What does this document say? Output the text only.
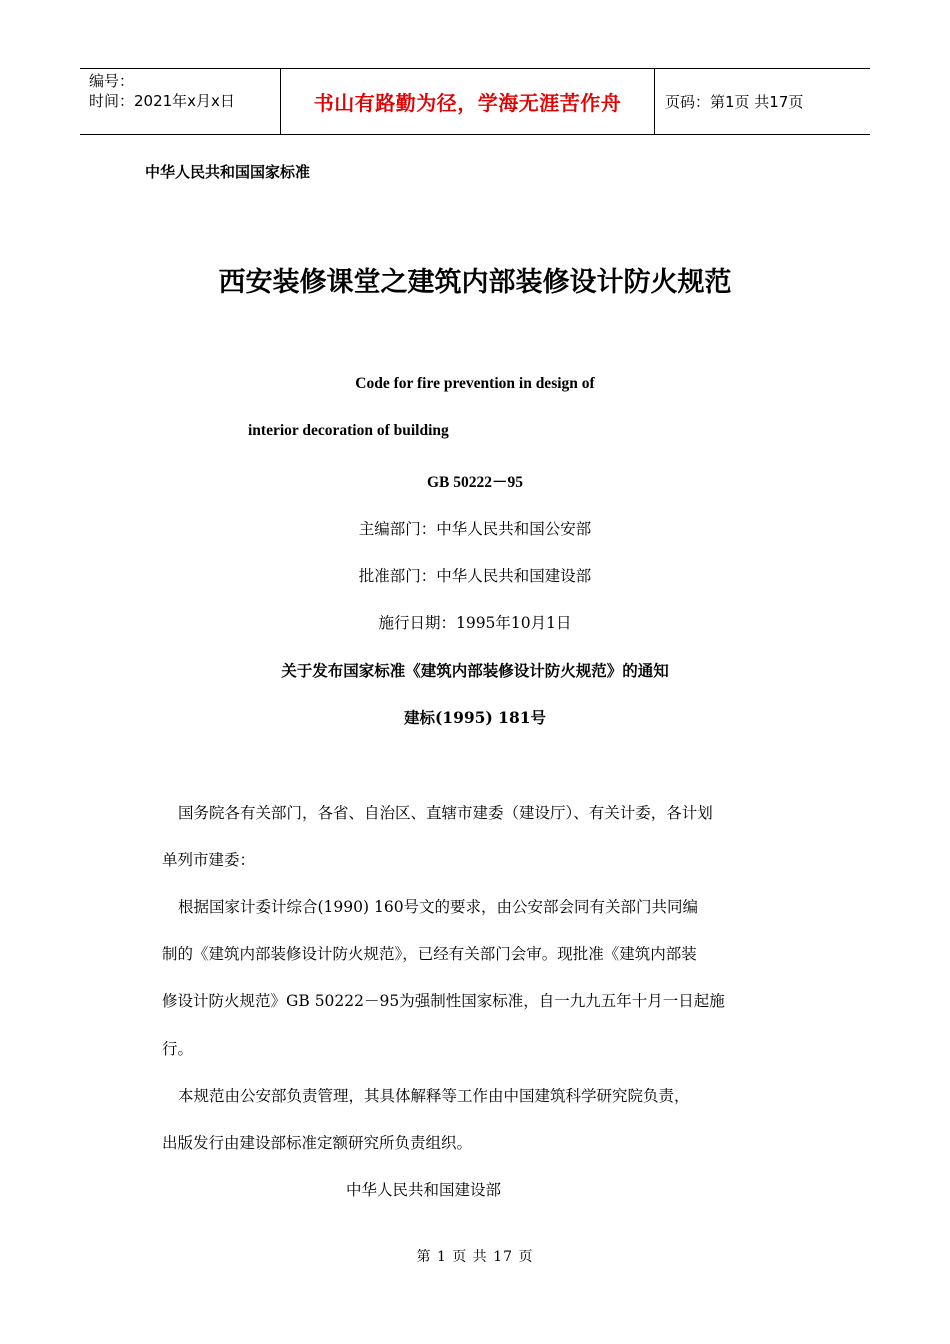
编号：
时间：2021年x月x日	书山有路勤为径，学海无涯苦作舟	页码：第1页 共17页
中华人民共和国国家标准
西安装修课堂之建筑内部装修设计防火规范
Code for fire prevention in design of
interior decoration of building
GB 50222－95
主编部门：中华人民共和国公安部
批准部门：中华人民共和国建设部
施行日期：1995年10月1日
关于发布国家标准《建筑内部装修设计防火规范》的通知
建标(1995) 181号
国务院各有关部门，各省、自治区、直辖市建委（建设厅）、有关计委，各计划
单列市建委：
根据国家计委计综合(1990) 160号文的要求，由公安部会同有关部门共同编
制的《建筑内部装修设计防火规范》，已经有关部门会审。现批准《建筑内部装
修设计防火规范》GB 50222－95为强制性国家标准，自一九九五年十月一日起施
行。
本规范由公安部负责管理，其具体解释等工作由中国建筑科学研究院负责，
出版发行由建设部标准定额研究所负责组织。
中华人民共和国建设部
第 1 页 共 17 页
